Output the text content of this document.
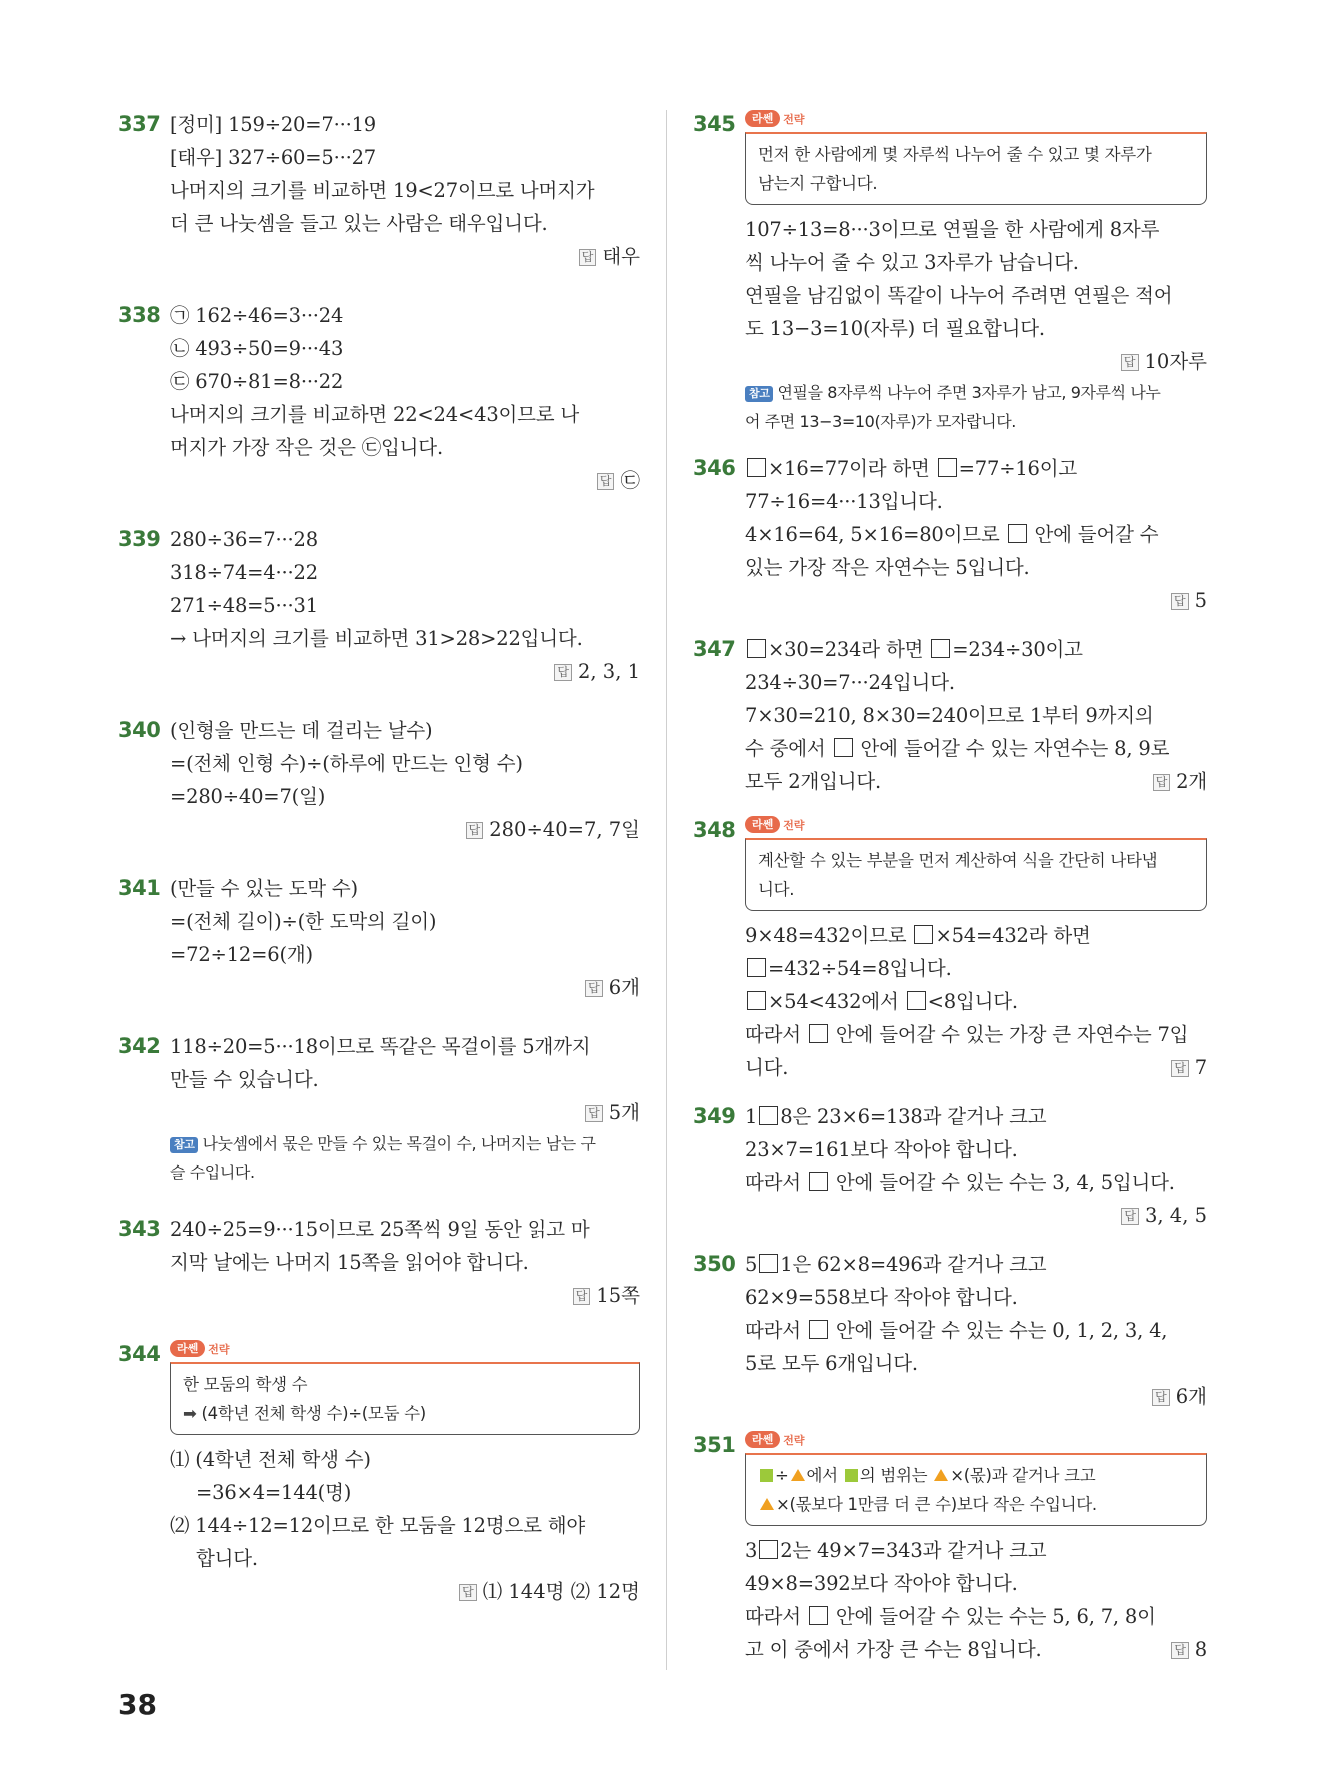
337 [정미] 159÷20=7···19
[태우] 327÷60=5···27
나머지의 크기를 비교하면 19<27이므로 나머지가
더 큰 나눗셈을 들고 있는 사람은 태우입니다.
답 태우
338 ㉠ 162÷46=3···24
㉡ 493÷50=9···43
㉢ 670÷81=8···22
나머지의 크기를 비교하면 22<24<43이므로 나
머지가 가장 작은 것은 ㉢입니다.
답 ㉢
339 280÷36=7···28
318÷74=4···22
271÷48=5···31
→ 나머지의 크기를 비교하면 31>28>22입니다.
답 2, 3, 1
340 (인형을 만드는 데 걸리는 날수)
=(전체 인형 수)÷(하루에 만드는 인형 수)
=280÷40=7(일)
답 280÷40=7, 7일
341 (만들 수 있는 도막 수)
=(전체 길이)÷(한 도막의 길이)
=72÷12=6(개)
답 6개
342 118÷20=5···18이므로 똑같은 목걸이를 5개까지
만들 수 있습니다.
답 5개
참고 나눗셈에서 몫은 만들 수 있는 목걸이 수, 나머지는 남는 구
슬 수입니다.
343 240÷25=9···15이므로 25쪽씩 9일 동안 읽고 마
지막 날에는 나머지 15쪽을 읽어야 합니다.
답 15쪽
344	라쎈 전략
한 모둠의 학생 수
➡ (4학년 전체 학생 수)÷(모둠 수)
⑴ (4학년 전체 학생 수)
=36×4=144(명)
⑵ 144÷12=12이므로 한 모둠을 12명으로 해야
합니다.
답 ⑴ 144명 ⑵ 12명
345	라쎈 전략
먼저 한 사람에게 몇 자루씩 나누어 줄 수 있고 몇 자루가
남는지 구합니다.
107÷13=8···3이므로 연필을 한 사람에게 8자루
씩 나누어 줄 수 있고 3자루가 남습니다.
연필을 남김없이 똑같이 나누어 주려면 연필은 적어
도 13−3=10(자루) 더 필요합니다.
답 10자루
참고 연필을 8자루씩 나누어 주면 3자루가 남고, 9자루씩 나누
어 주면 13−3=10(자루)가 모자랍니다.
346	×16=77이라 하면 =77÷16이고
77÷16=4···13입니다.
4×16=64, 5×16=80이므로 안에 들어갈 수
있는 가장 작은 자연수는 5입니다.
답 5
347	×30=234라 하면 =234÷30이고
234÷30=7···24입니다.
7×30=210, 8×30=240이므로 1부터 9까지의
수 중에서 안에 들어갈 수 있는 자연수는 8, 9로
모두 2개입니다.	답 2개
348	라쎈 전략
계산할 수 있는 부분을 먼저 계산하여 식을 간단히 나타냅
니다.
9×48=432이므로 ×54=432라 하면
=432÷54=8입니다.
×54<432에서 <8입니다.
따라서 안에 들어갈 수 있는 가장 큰 자연수는 7입
니다.	답 7
349 1 8은 23×6=138과 같거나 크고
23×7=161보다 작아야 합니다.
따라서 안에 들어갈 수 있는 수는 3, 4, 5입니다.
답 3, 4, 5
350 5 1은 62×8=496과 같거나 크고
62×9=558보다 작아야 합니다.
따라서 안에 들어갈 수 있는 수는 0, 1, 2, 3, 4,
5로 모두 6개입니다.
답 6개
351	라쎈 전략
÷ 에서 의 범위는 ×(몫)과 같거나 크고
×(몫보다 1만큼 더 큰 수)보다 작은 수입니다.
3 2는 49×7=343과 같거나 크고
49×8=392보다 작아야 합니다.
따라서 안에 들어갈 수 있는 수는 5, 6, 7, 8이
고 이 중에서 가장 큰 수는 8입니다.	답 8
38
